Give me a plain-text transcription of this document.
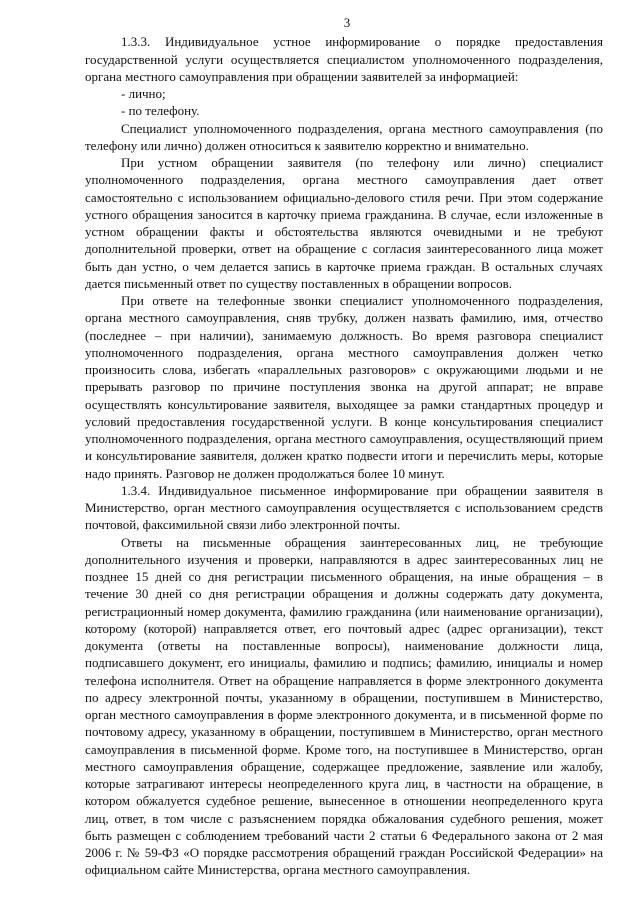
3

1.3.3. Индивидуальное устное информирование о порядке предоставления государственной услуги осуществляется специалистом уполномоченного подразделения, органа местного самоуправления при обращении заявителей за информацией:

- лично;

- по телефону.

Специалист уполномоченного подразделения, органа местного самоуправления (по телефону или лично) должен относиться к заявителю корректно и внимательно.

При устном обращении заявителя (по телефону или лично) специалист уполномоченного подразделения, органа местного самоуправления дает ответ самостоятельно с использованием официально-делового стиля речи. При этом содержание устного обращения заносится в карточку приема гражданина. В случае, если изложенные в устном обращении факты и обстоятельства являются очевидными и не требуют дополнительной проверки, ответ на обращение с согласия заинтересованного лица может быть дан устно, о чем делается запись в карточке приема граждан. В остальных случаях дается письменный ответ по существу поставленных в обращении вопросов.

При ответе на телефонные звонки специалист уполномоченного подразделения, органа местного самоуправления, сняв трубку, должен назвать фамилию, имя, отчество (последнее – при наличии), занимаемую должность. Во время разговора специалист уполномоченного подразделения, органа местного самоуправления должен четко произносить слова, избегать «параллельных разговоров» с окружающими людьми и не прерывать разговор по причине поступления звонка на другой аппарат; не вправе осуществлять консультирование заявителя, выходящее за рамки стандартных процедур и условий предоставления государственной услуги. В конце консультирования специалист уполномоченного подразделения, органа местного самоуправления, осуществляющий прием и консультирование заявителя, должен кратко подвести итоги и перечислить меры, которые надо принять. Разговор не должен продолжаться более 10 минут.

1.3.4. Индивидуальное письменное информирование при обращении заявителя в Министерство, орган местного самоуправления осуществляется с использованием средств почтовой, факсимильной связи либо электронной почты.

Ответы на письменные обращения заинтересованных лиц, не требующие дополнительного изучения и проверки, направляются в адрес заинтересованных лиц не позднее 15 дней со дня регистрации письменного обращения, на иные обращения – в течение 30 дней со дня регистрации обращения и должны содержать дату документа, регистрационный номер документа, фамилию гражданина (или наименование организации), которому (которой) направляется ответ, его почтовый адрес (адрес организации), текст документа (ответы на поставленные вопросы), наименование должности лица, подписавшего документ, его инициалы, фамилию и подпись; фамилию, инициалы и номер телефона исполнителя. Ответ на обращение направляется в форме электронного документа по адресу электронной почты, указанному в обращении, поступившем в Министерство, орган местного самоуправления в форме электронного документа, и в письменной форме по почтовому адресу, указанному в обращении, поступившем в Министерство, орган местного самоуправления в письменной форме. Кроме того, на поступившее в Министерство, орган местного самоуправления обращение, содержащее предложение, заявление или жалобу, которые затрагивают интересы неопределенного круга лиц, в частности на обращение, в котором обжалуется судебное решение, вынесенное в отношении неопределенного круга лиц, ответ, в том числе с разъяснением порядка обжалования судебного решения, может быть размещен с соблюдением требований части 2 статьи 6 Федерального закона от 2 мая 2006 г. № 59-ФЗ «О порядке рассмотрения обращений граждан Российской Федерации» на официальном сайте Министерства, органа местного самоуправления.
